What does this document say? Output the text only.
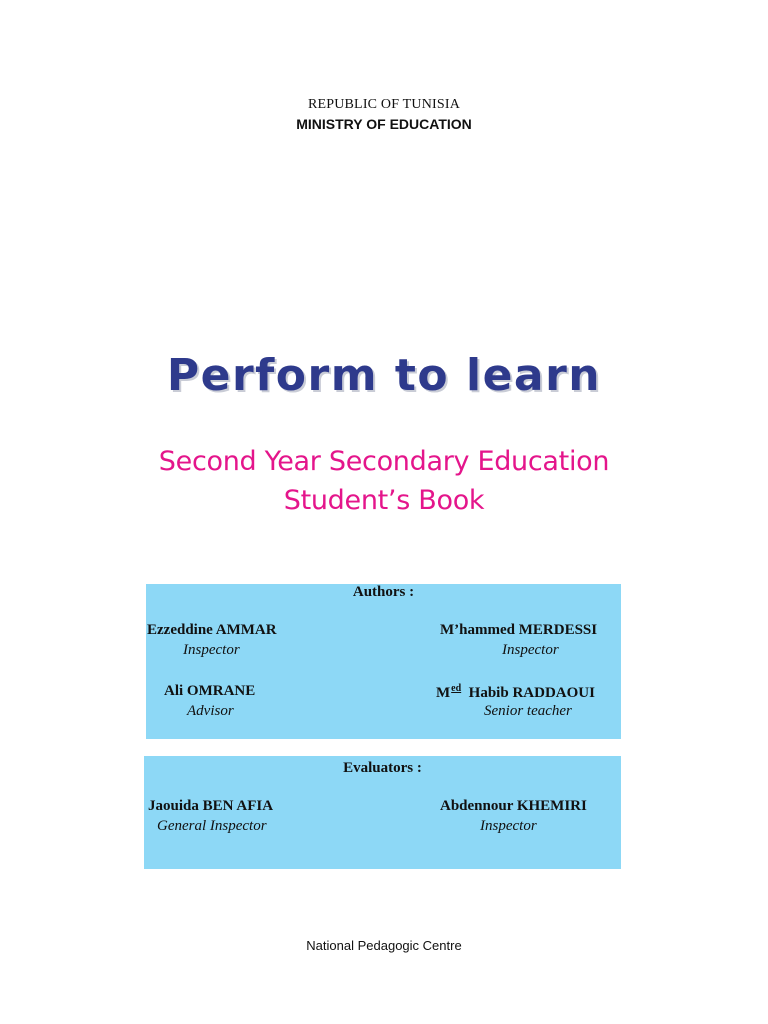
REPUBLIC OF TUNISIA
MINISTRY OF EDUCATION
Perform to learn
Second Year Secondary Education
Student’s Book
Authors :
Ezzeddine AMMAR
Inspector
M’hammed MERDESSI
Inspector
Ali OMRANE
Advisor
$M^{ed}$ Habib RADDAOUI
Senior teacher
Evaluators :
Jaouida BEN AFIA
General Inspector
Abdennour KHEMIRI
Inspector
National Pedagogic Centre
